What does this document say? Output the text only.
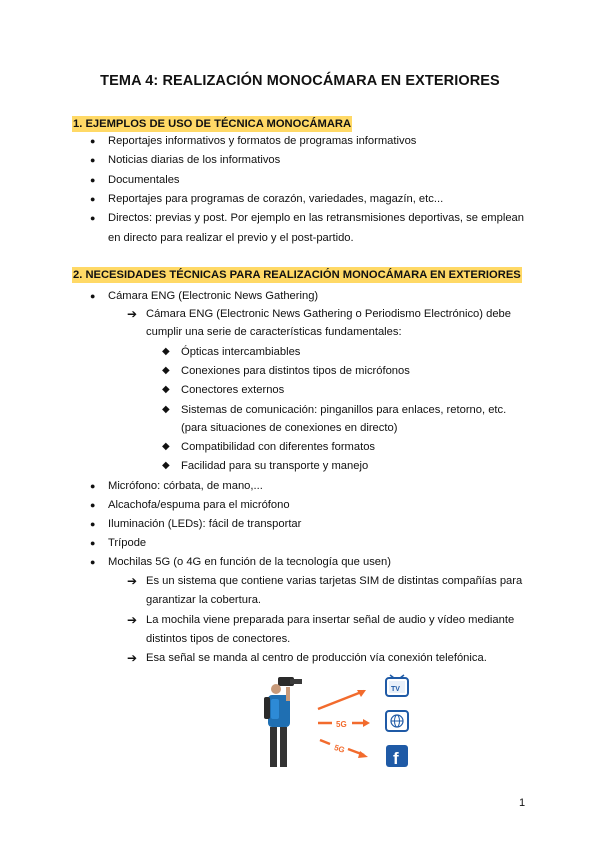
TEMA 4: REALIZACIÓN MONOCÁMARA EN EXTERIORES
1. EJEMPLOS DE USO DE TÉCNICA MONOCÁMARA
● Reportajes informativos y formatos de programas informativos
● Noticias diarias de los informativos
● Documentales
● Reportajes para programas de corazón, variedades, magazín, etc...
● Directos: previas y post. Por ejemplo en las retransmisiones deportivas, se emplean
en directo para realizar el previo y el post-partido.
2. NECESIDADES TÉCNICAS PARA REALIZACIÓN MONOCÁMARA EN EXTERIORES
● Cámara ENG (Electronic News Gathering)
➔ Cámara ENG (Electronic News Gathering o Periodismo Electrónico) debe
cumplir una serie de características fundamentales:
◆ Ópticas intercambiables
◆ Conexiones para distintos tipos de micrófonos
◆ Conectores externos
◆ Sistemas de comunicación: pinganillos para enlaces, retorno, etc.
(para situaciones de conexiones en directo)
◆ Compatibilidad con diferentes formatos
◆ Facilidad para su transporte y manejo
● Micrófono: córbata, de mano,...
● Alcachofa/espuma para el micrófono
● Iluminación (LEDs): fácil de transportar
● Trípode
● Mochilas 5G (o 4G en función de la tecnología que usen)
➔ Es un sistema que contiene varias tarjetas SIM de distintas compañías para
garantizar la cobertura.
➔ La mochila viene preparada para insertar señal de audio y vídeo mediante
distintos tipos de conectores.
➔ Esa señal se manda al centro de producción vía conexión telefónica.
5G
5G
TV
f
1
